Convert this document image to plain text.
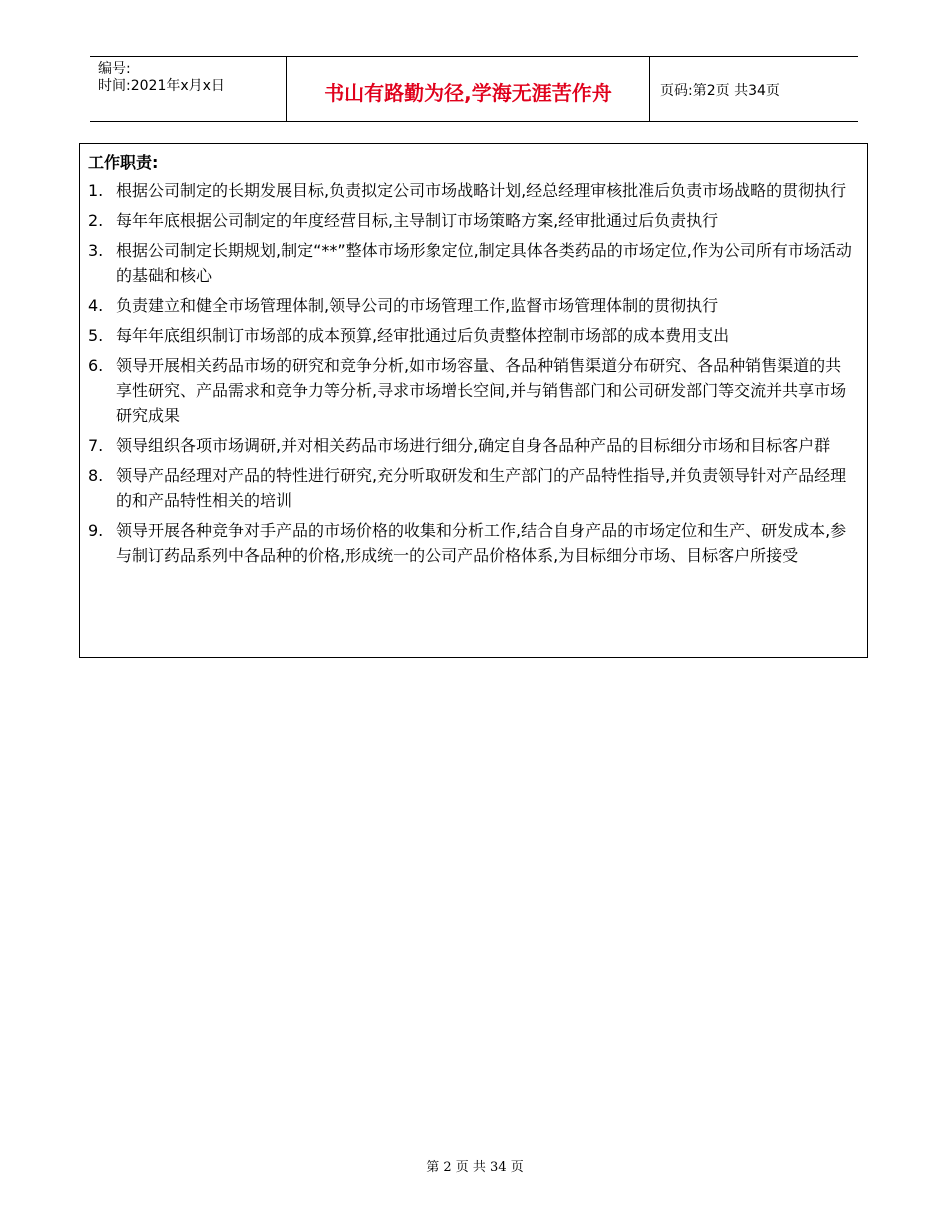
编号:
时间:2021年x月x日	书山有路勤为径,学海无涯苦作舟	页码:第2页 共34页
工作职责:
1. 根据公司制定的长期发展目标,负责拟定公司市场战略计划,经总经理审核批准后负责市场战略的贯彻执行
2. 每年年底根据公司制定的年度经营目标,主导制订市场策略方案,经审批通过后负责执行
3. 根据公司制定长期规划,制定“**”整体市场形象定位,制定具体各类药品的市场定位,作为公司所有市场活动的基础和核心
4. 负责建立和健全市场管理体制,领导公司的市场管理工作,监督市场管理体制的贯彻执行
5. 每年年底组织制订市场部的成本预算,经审批通过后负责整体控制市场部的成本费用支出
6. 领导开展相关药品市场的研究和竞争分析,如市场容量、各品种销售渠道分布研究、各品种销售渠道的共享性研究、产品需求和竞争力等分析,寻求市场增长空间,并与销售部门和公司研发部门等交流并共享市场研究成果
7. 领导组织各项市场调研,并对相关药品市场进行细分,确定自身各品种产品的目标细分市场和目标客户群
8. 领导产品经理对产品的特性进行研究,充分听取研发和生产部门的产品特性指导,并负责领导针对产品经理的和产品特性相关的培训
9. 领导开展各种竞争对手产品的市场价格的收集和分析工作,结合自身产品的市场定位和生产、研发成本,参与制订药品系列中各品种的价格,形成统一的公司产品价格体系,为目标细分市场、目标客户所接受
第 2 页 共 34 页
